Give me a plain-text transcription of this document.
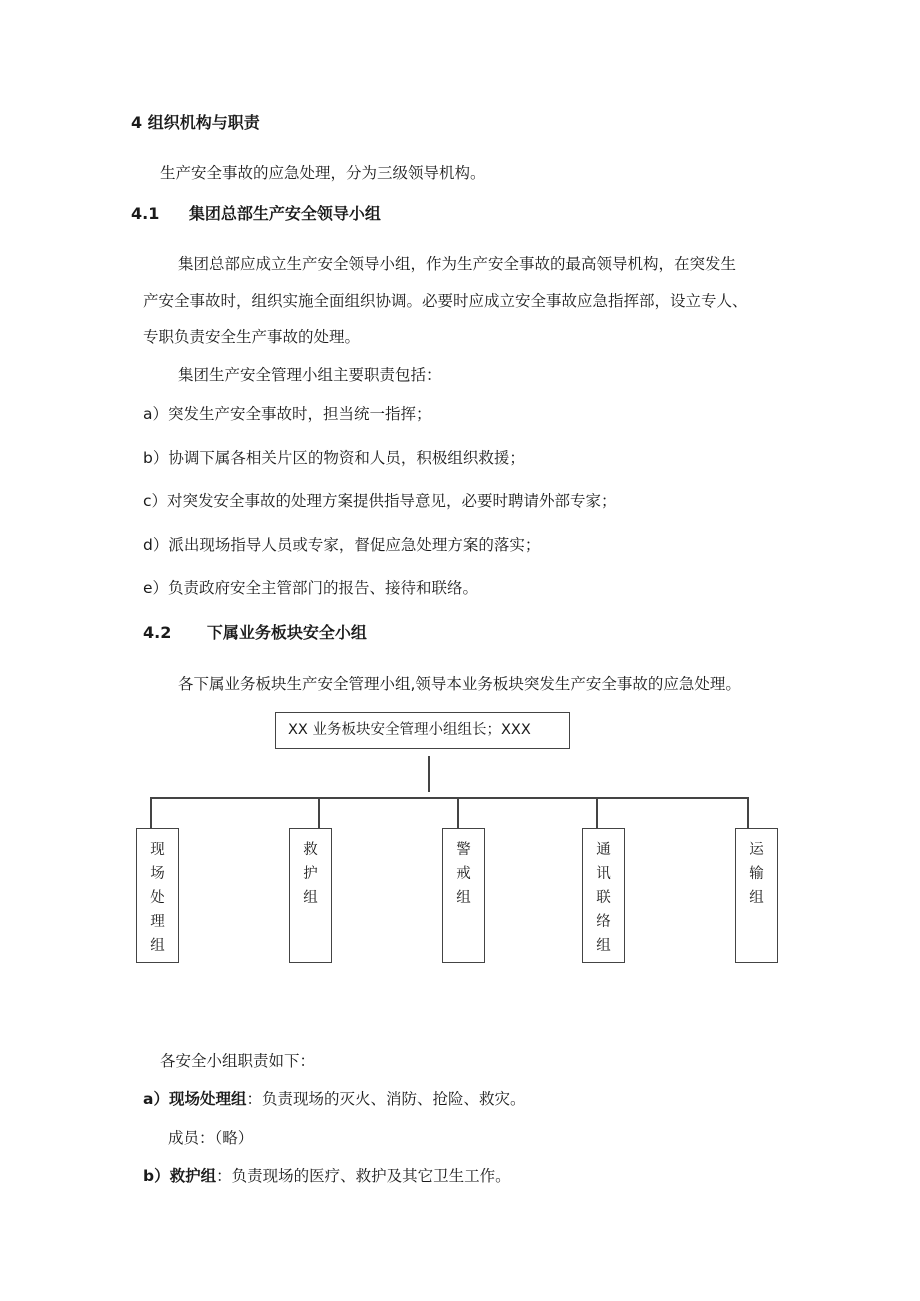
4 组织机构与职责
生产安全事故的应急处理，分为三级领导机构。
4.1 集团总部生产安全领导小组
集团总部应成立生产安全领导小组，作为生产安全事故的最高领导机构，在突发生
产安全事故时，组织实施全面组织协调。必要时应成立安全事故应急指挥部，设立专人、
专职负责安全生产事故的处理。
集团生产安全管理小组主要职责包括：
a）突发生产安全事故时，担当统一指挥；
b）协调下属各相关片区的物资和人员，积极组织救援；
c）对突发安全事故的处理方案提供指导意见，必要时聘请外部专家；
d）派出现场指导人员或专家，督促应急处理方案的落实；
e）负责政府安全主管部门的报告、接待和联络。
4.2 下属业务板块安全小组
各下属业务板块生产安全管理小组,领导本业务板块突发生产安全事故的应急处理。
XX 业务板块安全管理小组组长；XXX
现
场
处
理
组
救
护
组
警
戒
组
通
讯
联
络
组
运
输
组
各安全小组职责如下：
a）现场处理组：负责现场的灭火、消防、抢险、救灾。
成员：（略）
b）救护组：负责现场的医疗、救护及其它卫生工作。
